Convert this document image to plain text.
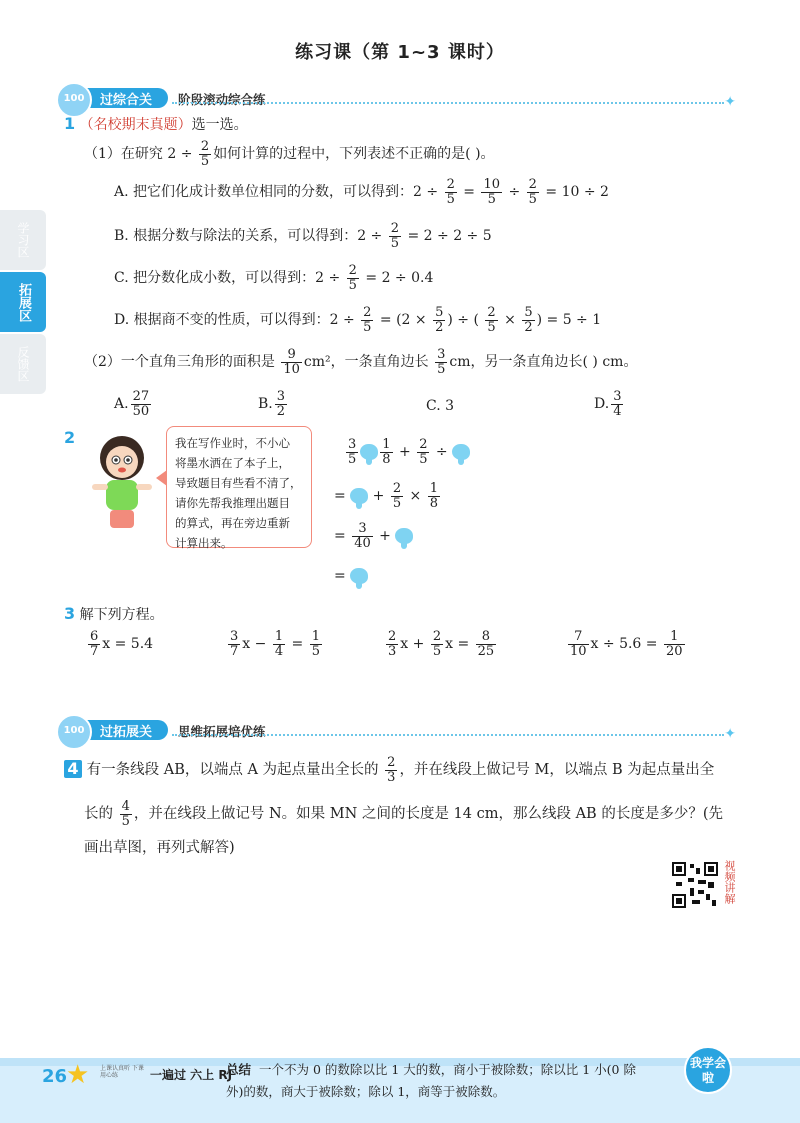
练习课（第 1~3 课时）
100	过综合关 阶段滚动综合练	✦
学习区
拓展区
反馈区
1 （名校期末真题）选一选。
（1）在研究 $2 \div \frac{2}{5}$ 如何计算的过程中，下列表述不正确的是( )。
A. 把它们化成计数单位相同的分数，可以得到：$2 \div \frac{2}{5} = \frac{10}{5} \div \frac{2}{5} = 10 \div 2$
B. 根据分数与除法的关系，可以得到：$2 \div \frac{2}{5} = 2 \div 2 \div 5$
C. 把分数化成小数，可以得到：$2 \div \frac{2}{5} = 2 \div 0.4$
D. 根据商不变的性质，可以得到：$2 \div \frac{2}{5} = (2 \times \frac{5}{2}$ ) ÷ ( $\frac{2}{5} \times \frac{5}{2}$ ) = 5 ÷ 1
（2）一个直角三角形的面积是 $\frac{9}{10} cm^2$，一条直角边长 $\frac{3}{5}$ cm，另一条直角边长( ) cm。
A. $\frac{27}{50}$	B. $\frac{3}{2}$	C. 3	D. $\frac{3}{4}$
2	我在写作业时，不小心
将墨水洒在了本子上，
导致题目有些看不清了，
请你先帮我推理出题目
的算式，再在旁边重新
计算出来。
$\frac{3}{5} \frac{1}{8} + \frac{2}{5}$ ÷
=  + $\frac{2}{5} \times \frac{1}{8}$
= $\frac{3}{40}$ +
=
3 解下列方程。
$\frac{6}{7}$ x = 5.4	$\frac{3}{7}$ $x - \frac{1}{4} = \frac{1}{5}$	$\frac{2}{3}$ $x + \frac{2}{5}$ $x = \frac{8}{25}$	$\frac{7}{10}$ $x \div 5.6 = \frac{1}{20}$
100	过拓展关 思维拓展培优练	✦
4 有一条线段 AB，以端点 A 为起点量出全长的 $\frac{2}{3}$ ，并在线段上做记号 M，以端点 B 为起点量出全
长的 $\frac{4}{5}$ ，并在线段上做记号 N。如果 MN 之间的长度是 14 cm，那么线段 AB 的长度是多少？(先
画出草图，再列式解答)
视频讲解
26
★ 上课认真听 下课用心练	一遍过 六上 RJ
总结 一个不为 0 的数除以比 1 大的数，商小于被除数；除以比 1 小(0 除
外)的数，商大于被除数；除以 1，商等于被除数。
我学会啦
